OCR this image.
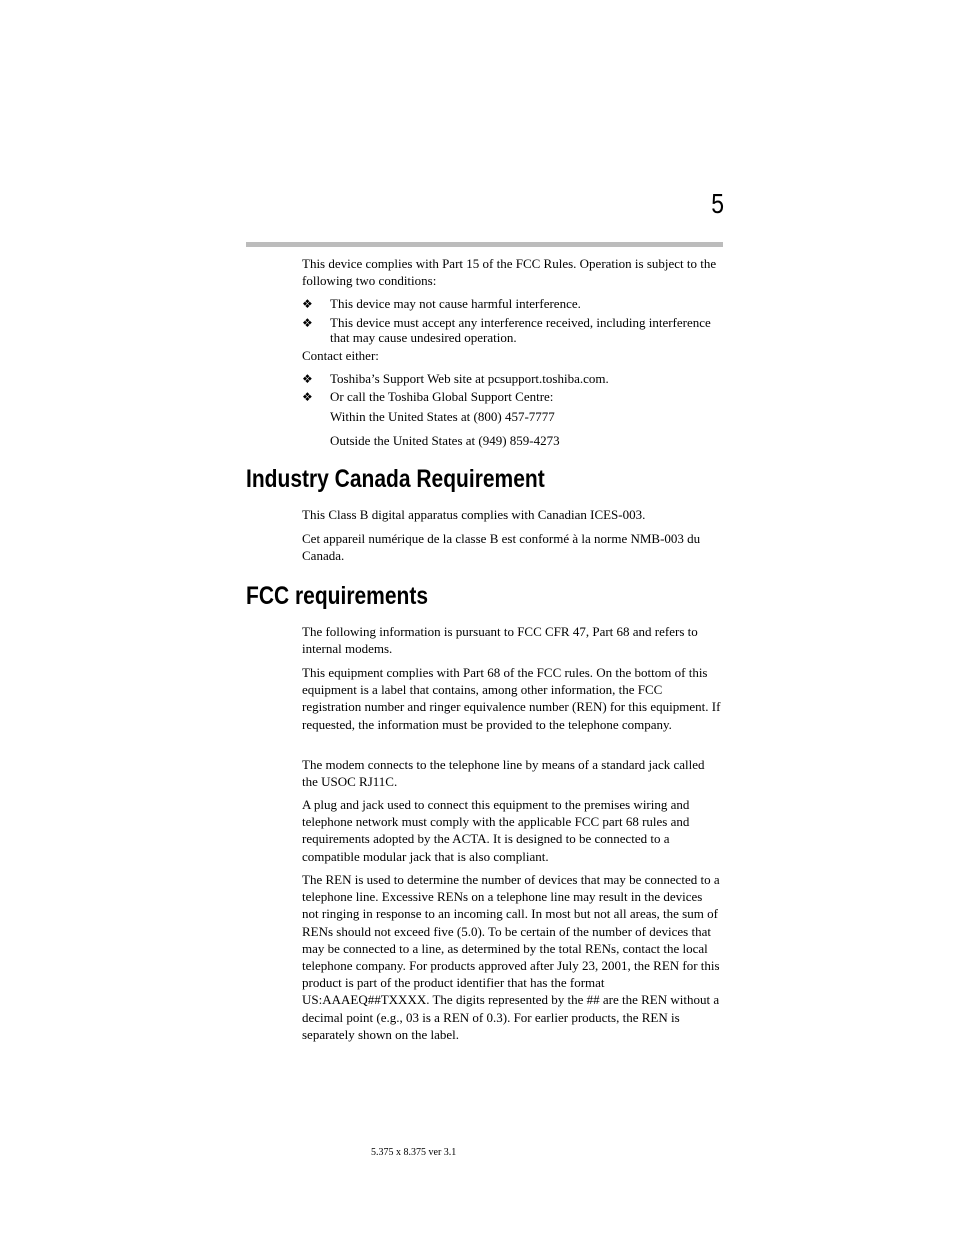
5

This device complies with Part 15 of the FCC Rules. Operation is subject to the following two conditions:

❖	This device may not cause harmful interference.
❖	This device must accept any interference received, including interference that may cause undesired operation.

Contact either:

❖	Toshiba’s Support Web site at pcsupport.toshiba.com.
❖	Or call the Toshiba Global Support Centre:
Within the United States at (800) 457-7777
Outside the United States at (949) 859-4273
Industry Canada Requirement

This Class B digital apparatus complies with Canadian ICES-003.

Cet appareil numérique de la classe B est conformé à la norme NMB-003 du Canada.

FCC requirements

The following information is pursuant to FCC CFR 47, Part 68 and refers to internal modems.

This equipment complies with Part 68 of the FCC rules. On the bottom of this equipment is a label that contains, among other information, the FCC registration number and ringer equivalence number (REN) for this equipment. If requested, the information must be provided to the telephone company.

The modem connects to the telephone line by means of a standard jack called the USOC RJ11C.

A plug and jack used to connect this equipment to the premises wiring and telephone network must comply with the applicable FCC part 68 rules and requirements adopted by the ACTA. It is designed to be connected to a compatible modular jack that is also compliant.

The REN is used to determine the number of devices that may be connected to a telephone line. Excessive RENs on a telephone line may result in the devices not ringing in response to an incoming call. In most but not all areas, the sum of RENs should not exceed five (5.0). To be certain of the number of devices that may be connected to a line, as determined by the total RENs, contact the local telephone company. For products approved after July 23, 2001, the REN for this product is part of the product identifier that has the format US:AAAEQ##TXXXX. The digits represented by the ## are the REN without a decimal point (e.g., 03 is a REN of 0.3). For earlier products, the REN is separately shown on the label.

5.375 x 8.375 ver 3.1
